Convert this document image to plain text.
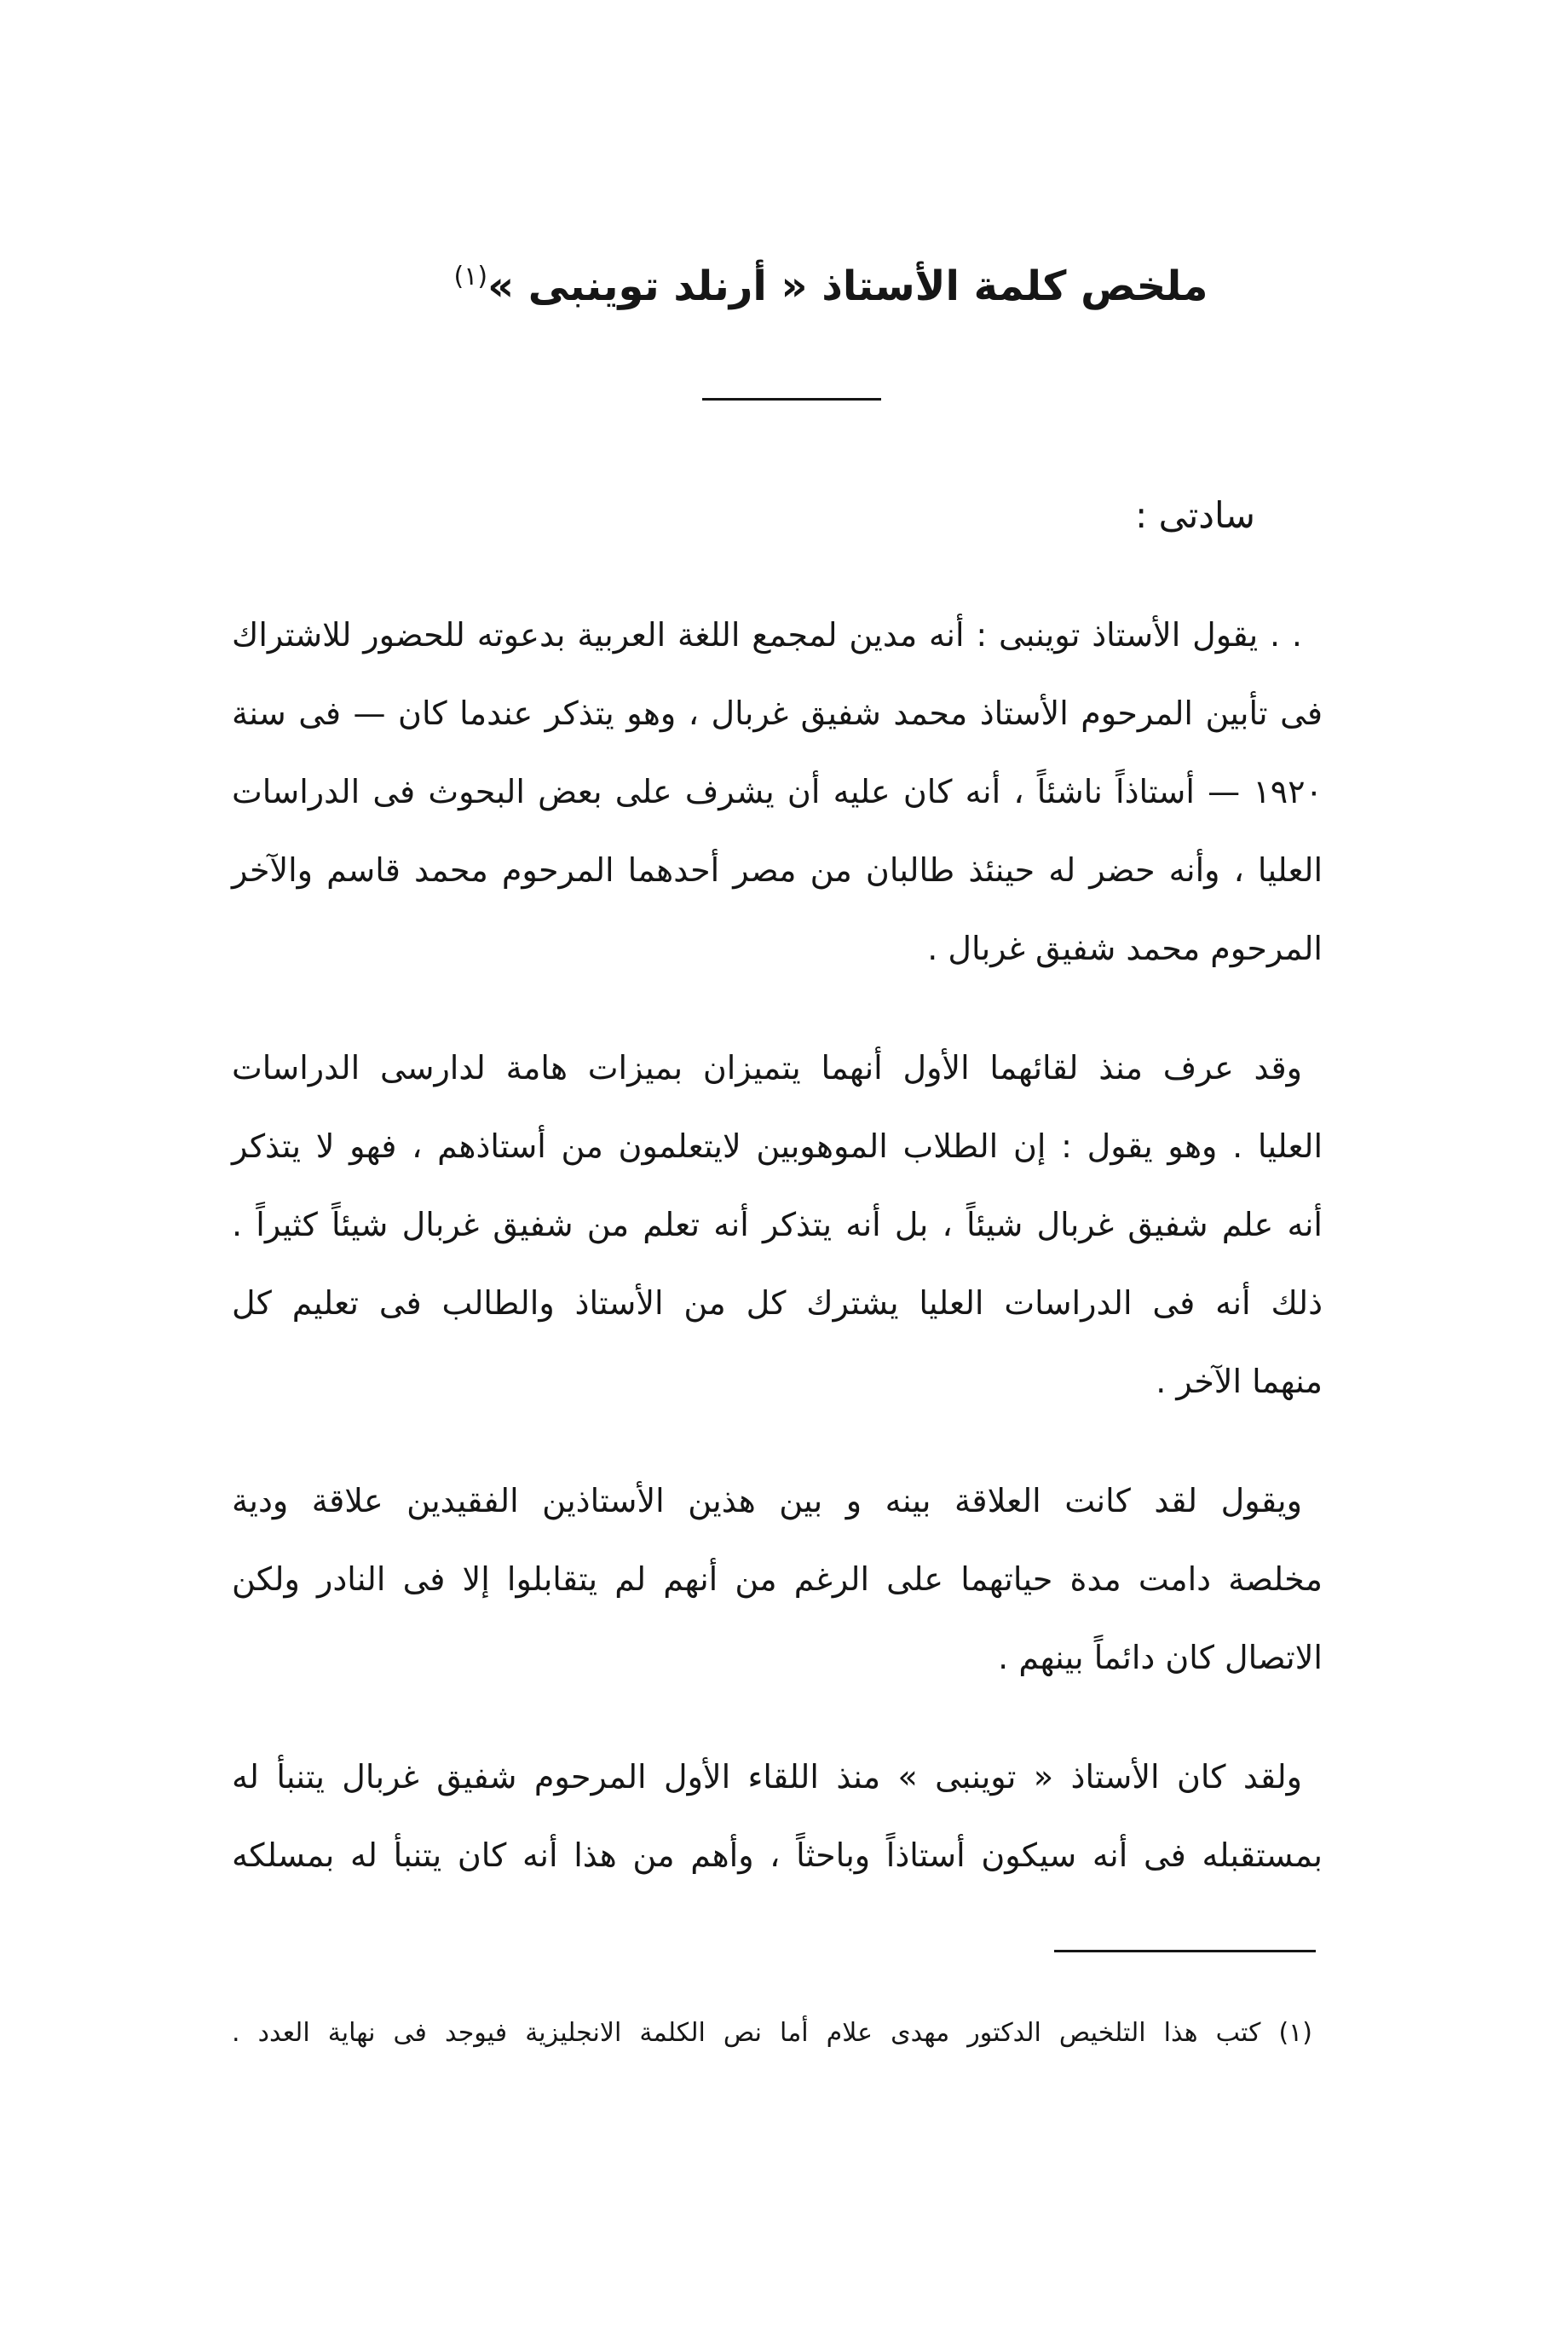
ملخص كلمة الأستاذ « أرنلد توينبى »$^{(١)}$
سادتى :
. . يقول الأستاذ توينبى : أنه مدين لمجمع اللغة العربية بدعوته للحضور للاشتراك
فى تأبين المرحوم الأستاذ محمد شفيق غربال ، وهو يتذكر عندما كان — فى سنة
١٩٢٠ — أستاذاً ناشئاً ، أنه كان عليه أن يشرف على بعض البحوث فى الدراسات
العليا ، وأنه حضر له حينئذ طالبان من مصر أحدهما المرحوم محمد قاسم والآخر
المرحوم محمد شفيق غربال .
وقد عرف منذ لقائهما الأول أنهما يتميزان بميزات هامة لدارسى الدراسات
العليا . وهو يقول : إن الطلاب الموهوبين لايتعلمون من أستاذهم ، فهو لا يتذكر
أنه علم شفيق غربال شيئاً ، بل أنه يتذكر أنه تعلم من شفيق غربال شيئاً كثيراً .
ذلك أنه فى الدراسات العليا يشترك كل من الأستاذ والطالب فى تعليم كل
منهما الآخر .
ويقول لقد كانت العلاقة بينه و بين هذين الأستاذين الفقيدين علاقة ودية
مخلصة دامت مدة حياتهما على الرغم من أنهم لم يتقابلوا إلا فى النادر ولكن
الاتصال كان دائماً بينهم .
ولقد كان الأستاذ « توينبى » منذ اللقاء الأول المرحوم شفيق غربال يتنبأ له
بمستقبله فى أنه سيكون أستاذاً وباحثاً ، وأهم من هذا أنه كان يتنبأ له بمسلكه
(١) كتب هذا التلخيص الدكتور مهدى علام أما نص الكلمة الانجليزية فيوجد فى نهاية العدد .
